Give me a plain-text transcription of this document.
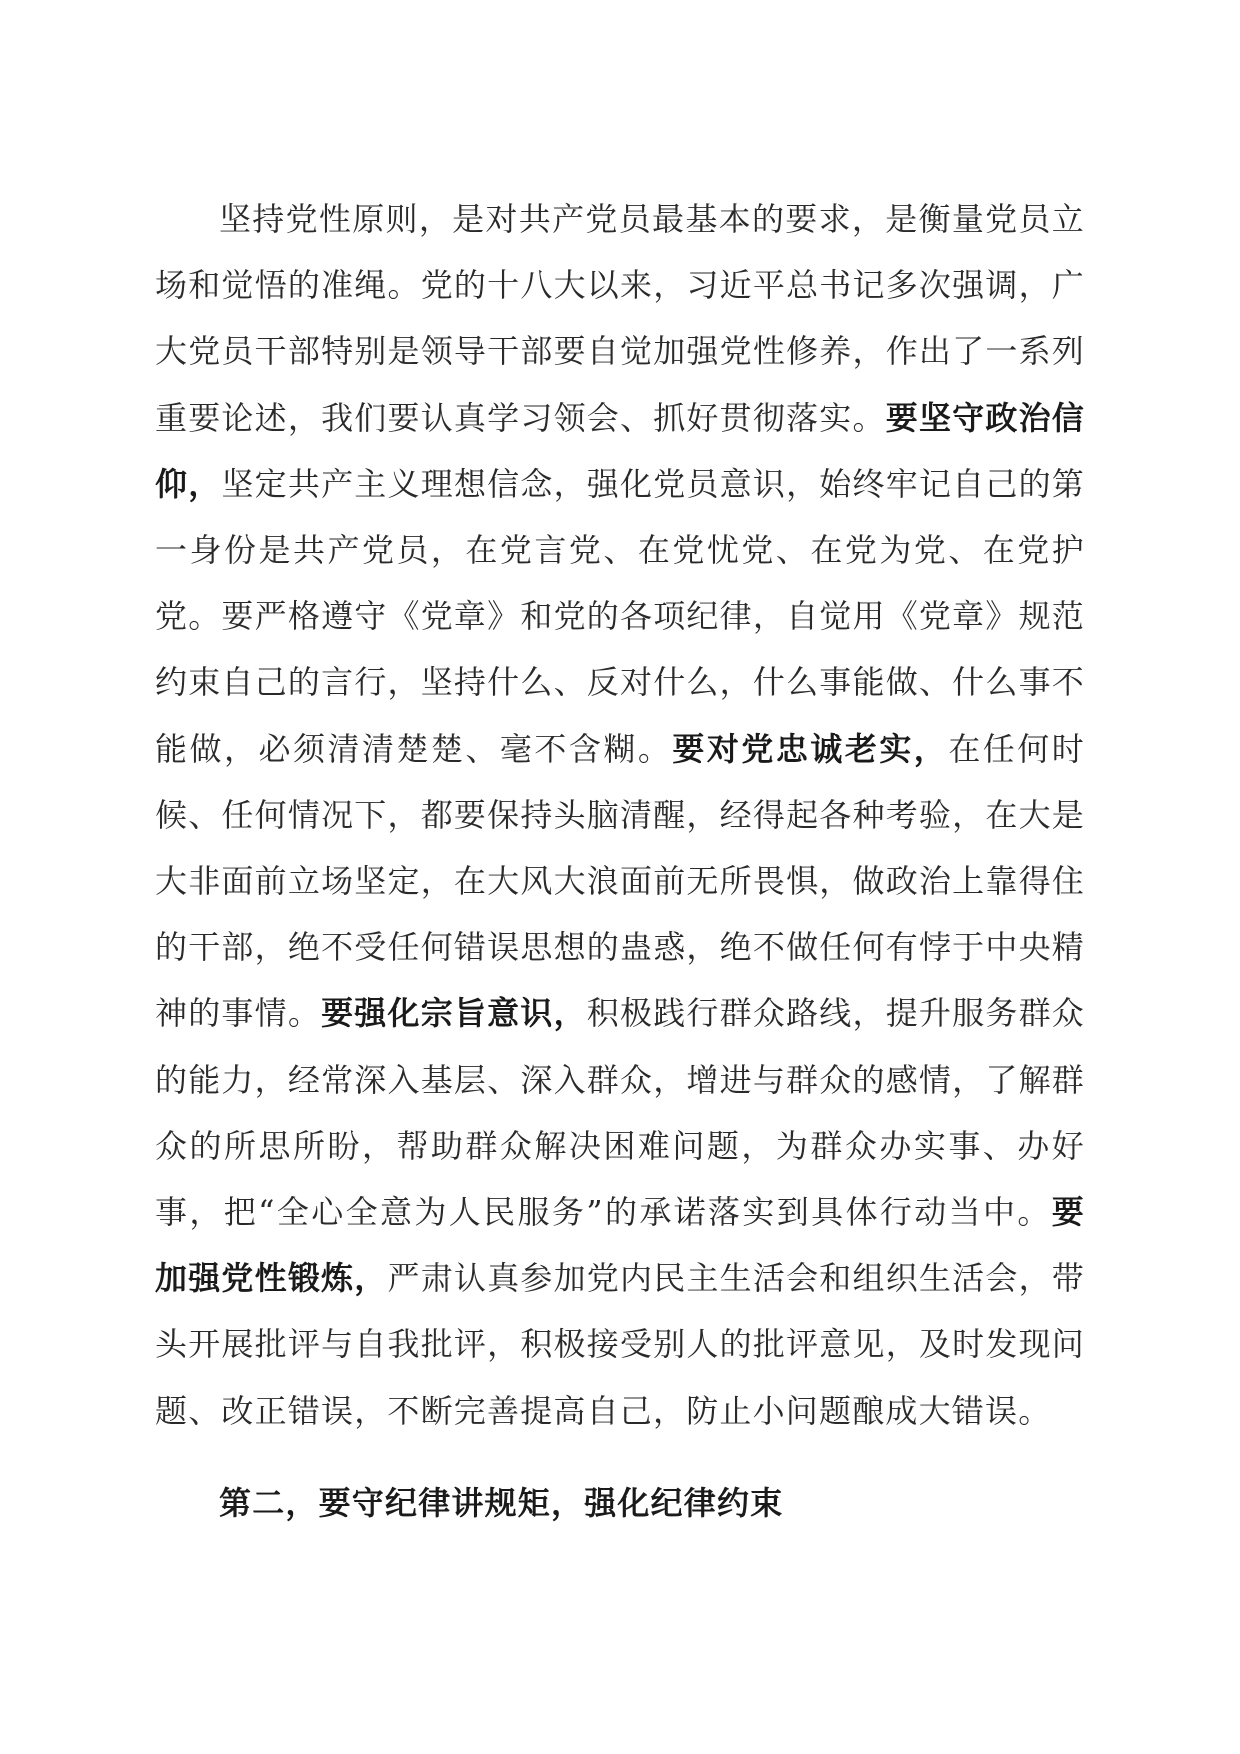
坚持党性原则，是对共产党员最基本的要求，是衡量党员立场和觉悟的准绳。党的十八大以来，习近平总书记多次强调，广大党员干部特别是领导干部要自觉加强党性修养，作出了一系列重要论述，我们要认真学习领会、抓好贯彻落实。要坚守政治信仰，坚定共产主义理想信念，强化党员意识，始终牢记自己的第一身份是共产党员，在党言党、在党忧党、在党为党、在党护党。要严格遵守《党章》和党的各项纪律，自觉用《党章》规范约束自己的言行，坚持什么、反对什么，什么事能做、什么事不能做，必须清清楚楚、毫不含糊。要对党忠诚老实，在任何时候、任何情况下，都要保持头脑清醒，经得起各种考验，在大是大非面前立场坚定，在大风大浪面前无所畏惧，做政治上靠得住的干部，绝不受任何错误思想的蛊惑，绝不做任何有悖于中央精神的事情。要强化宗旨意识，积极践行群众路线，提升服务群众的能力，经常深入基层、深入群众，增进与群众的感情，了解群众的所思所盼，帮助群众解决困难问题，为群众办实事、办好事，把“全心全意为人民服务”的承诺落实到具体行动当中。要加强党性锻炼，严肃认真参加党内民主生活会和组织生活会，带头开展批评与自我批评，积极接受别人的批评意见，及时发现问题、改正错误，不断完善提高自己，防止小问题酿成大错误。

第二，要守纪律讲规矩，强化纪律约束
